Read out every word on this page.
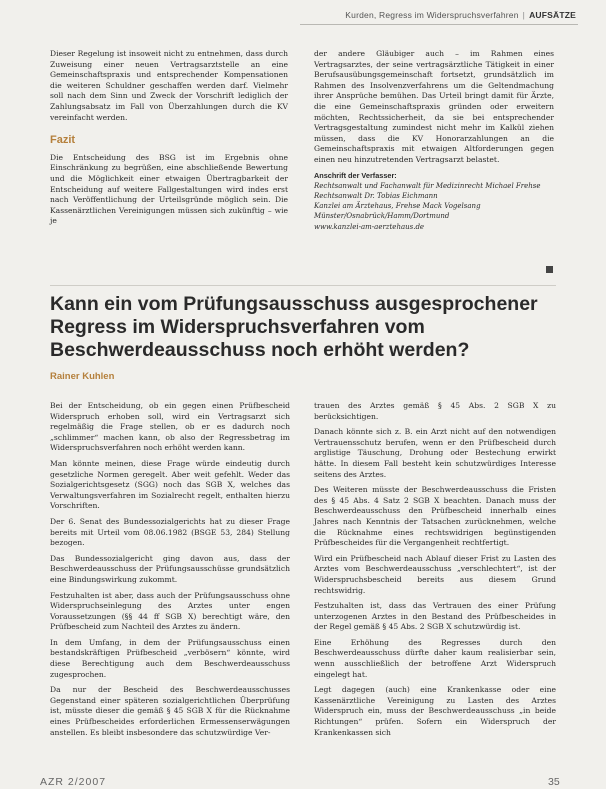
Kurden, Regress im Widerspruchsverfahren | AUFSÄTZE

Dieser Regelung ist insoweit nicht zu entnehmen, dass durch Zuweisung einer neuen Vertragsarztstelle an eine Gemeinschaftspraxis und entsprechender Kompensationen die weiteren Schuldner geschaffen werden darf. Vielmehr soll nach dem Sinn und Zweck der Vorschrift lediglich der Zahlungsabsatz im Fall von Überzahlungen durch die KV vereinfacht werden.

Fazit

Die Entscheidung des BSG ist im Ergebnis ohne Einschränkung zu begrüßen, eine abschließende Bewertung und die Möglichkeit einer etwaigen Übertragbarkeit der Entscheidung auf weitere Fallgestaltungen wird indes erst nach Veröffentlichung der Urteilsgründe möglich sein. Die Kassenärztlichen Vereinigungen müssen sich zukünftig – wie je

der andere Gläubiger auch – im Rahmen eines Vertragsarztes, der seine vertragsärztliche Tätigkeit in einer Berufsausübungsgemeinschaft fortsetzt, grundsätzlich im Rahmen des Insolvenzverfahrens um die Geltendmachung ihrer Ansprüche bemühen. Das Urteil bringt damit für Ärzte, die eine Gemeinschaftspraxis gründen oder erweitern möchten, Rechtssicherheit, da sie bei entsprechender Vertragsgestaltung zumindest nicht mehr im Kalkül ziehen müssen, dass die KV Honorarzahlungen an die Gemeinschaftspraxis mit etwaigen Altforderungen gegen einen neu hinzutretenden Vertragsarzt belastet.

Anschrift der Verfasser:
Rechtsanwalt und Fachanwalt für Medizinrecht Michael Frehse
Rechtsanwalt Dr. Tobias Eichmann
Kanzlei am Ärztehaus, Frehse Mack Vogelsang
Münster/Osnabrück/Hamm/Dortmund
www.kanzlei-am-aerztehaus.de
Kann ein vom Prüfungsausschuss ausgesprochener Regress im Widerspruchsverfahren vom Beschwerdeausschuss noch erhöht werden?
Rainer Kuhlen

Bei der Entscheidung, ob ein gegen einen Prüfbescheid Widerspruch erhoben soll, wird ein Vertragsarzt sich regelmäßig die Frage stellen, ob er es dadurch noch „schlimmer“ machen kann, ob also der Regressbetrag im Widerspruchsverfahren noch erhöht werden kann.

Man könnte meinen, diese Frage würde eindeutig durch gesetzliche Normen geregelt. Aber weit gefehlt. Weder das Sozialgerichtsgesetz (SGG) noch das SGB X, welches das Verwaltungsverfahren im Sozialrecht regelt, enthalten hierzu Vorschriften.

Der 6. Senat des Bundessozialgerichts hat zu dieser Frage bereits mit Urteil vom 08.06.1982 (BSGE 53, 284) Stellung bezogen.

Das Bundessozialgericht ging davon aus, dass der Beschwerdeausschuss der Prüfungsausschüsse grundsätzlich eine Bindungswirkung zukommt.

Festzuhalten ist aber, dass auch der Prüfungsausschuss ohne Widerspruchseinlegung des Arztes unter engen Voraussetzungen (§§ 44 ff SGB X) berechtigt wäre, den Prüfbescheid zum Nachteil des Arztes zu ändern.

In dem Umfang, in dem der Prüfungsausschuss einen bestandskräftigen Prüfbescheid „verbösern“ könnte, wird diese Berechtigung auch dem Beschwerdeausschuss zugesprochen.

Da nur der Bescheid des Beschwerdeausschusses Gegenstand einer späteren sozialgerichtlichen Überprüfung ist, müsste dieser die gemäß § 45 SGB X für die Rücknahme eines Prüfbescheides erforderlichen Ermessenserwägungen anstellen. Es bleibt insbesondere das schutzwürdige Ver-

trauen des Arztes gemäß § 45 Abs. 2 SGB X zu berücksichtigen.

Danach könnte sich z. B. ein Arzt nicht auf den notwendigen Vertrauensschutz berufen, wenn er den Prüfbescheid durch arglistige Täuschung, Drohung oder Bestechung erwirkt hätte. In diesem Fall besteht kein schutzwürdiges Interesse seitens des Arztes.

Des Weiteren müsste der Beschwerdeausschuss die Fristen des § 45 Abs. 4 Satz 2 SGB X beachten. Danach muss der Beschwerdeausschuss den Prüfbescheid innerhalb eines Jahres nach Kenntnis der Tatsachen zurücknehmen, welche die Rücknahme eines rechtswidrigen begünstigenden Prüfbescheides für die Vergangenheit rechtfertigt.

Wird ein Prüfbescheid nach Ablauf dieser Frist zu Lasten des Arztes vom Beschwerdeausschuss „verschlechtert“, ist der Widerspruchsbescheid bereits aus diesem Grund rechtswidrig.

Festzuhalten ist, dass das Vertrauen des einer Prüfung unterzogenen Arztes in den Bestand des Prüfbescheides in der Regel gemäß § 45 Abs. 2 SGB X schutzwürdig ist.

Eine Erhöhung des Regresses durch den Beschwerdeausschuss dürfte daher kaum realisierbar sein, wenn ausschließlich der betroffene Arzt Widerspruch eingelegt hat.

Legt dagegen (auch) eine Krankenkasse oder eine Kassenärztliche Vereinigung zu Lasten des Arztes Widerspruch ein, muss der Beschwerdeausschuss „in beide Richtungen“ prüfen. Sofern ein Widerspruch der Krankenkassen sich

AZR 2/2007	35
